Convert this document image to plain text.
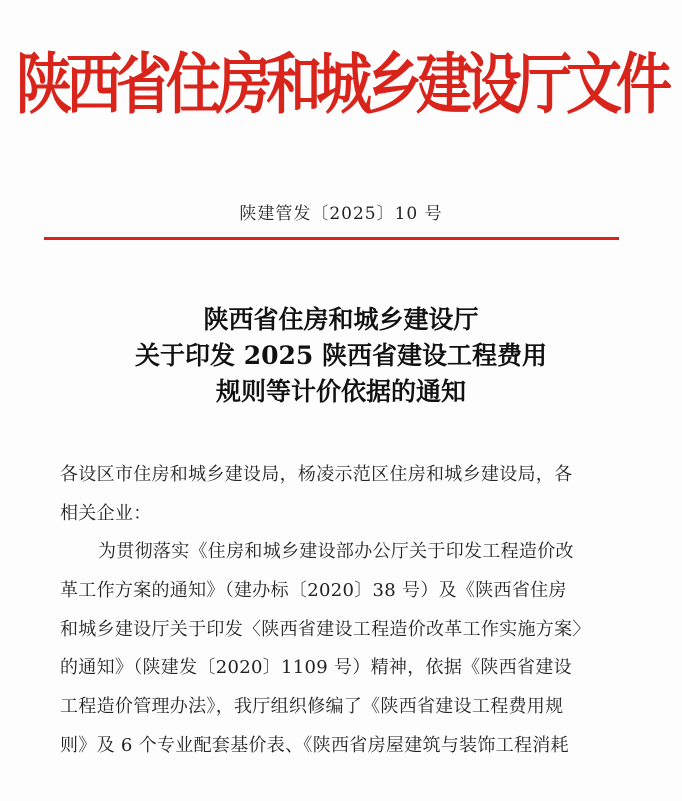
陕西省住房和城乡建设厅文件
陕建管发〔2025〕10 号
陕西省住房和城乡建设厅
关于印发 2025 陕西省建设工程费用
规则等计价依据的通知
各设区市住房和城乡建设局，杨凌示范区住房和城乡建设局，各
相关企业：
为贯彻落实《住房和城乡建设部办公厅关于印发工程造价改
革工作方案的通知》（建办标〔2020〕38 号）及《陕西省住房
和城乡建设厅关于印发〈陕西省建设工程造价改革工作实施方案〉
的通知》（陕建发〔2020〕1109 号）精神，依据《陕西省建设
工程造价管理办法》，我厅组织修编了《陕西省建设工程费用规
则》及 6 个专业配套基价表、《陕西省房屋建筑与装饰工程消耗
